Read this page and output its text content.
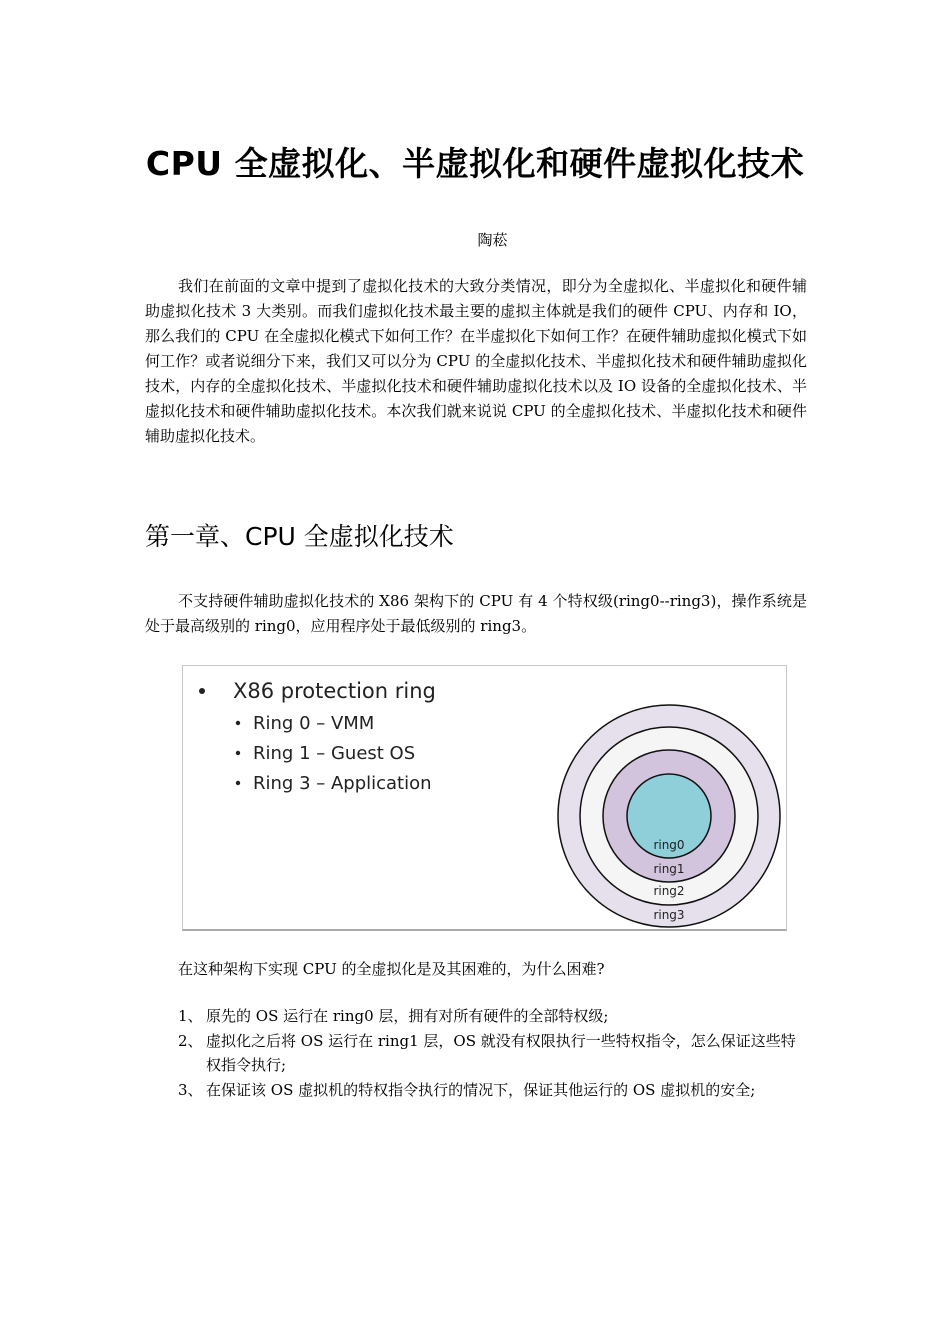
CPU 全虚拟化、半虚拟化和硬件虚拟化技术
陶菘

我们在前面的文章中提到了虚拟化技术的大致分类情况，即分为全虚拟化、半虚拟化和硬件辅助虚拟化技术 3 大类别。而我们虚拟化技术最主要的虚拟主体就是我们的硬件 CPU、内存和 IO，那么我们的 CPU 在全虚拟化模式下如何工作？在半虚拟化下如何工作？在硬件辅助虚拟化模式下如何工作？或者说细分下来，我们又可以分为 CPU 的全虚拟化技术、半虚拟化技术和硬件辅助虚拟化技术，内存的全虚拟化技术、半虚拟化技术和硬件辅助虚拟化技术以及 IO 设备的全虚拟化技术、半虚拟化技术和硬件辅助虚拟化技术。本次我们就来说说 CPU 的全虚拟化技术、半虚拟化技术和硬件辅助虚拟化技术。

第一章、CPU 全虚拟化技术

不支持硬件辅助虚拟化技术的 X86 架构下的 CPU 有 4 个特权级(ring0--ring3)，操作系统是处于最高级别的 ring0，应用程序处于最低级别的 ring3。

X86 protection ring
Ring 0 – VMM
Ring 1 – Guest OS
Ring 3 – Application
ring0
ring1
ring2
ring3

在这种架构下实现 CPU 的全虚拟化是及其困难的，为什么困难?

1、 原先的 OS 运行在 ring0 层，拥有对所有硬件的全部特权级;
2、 虚拟化之后将 OS 运行在 ring1 层，OS 就没有权限执行一些特权指令，怎么保证这些特权指令执行;
3、 在保证该 OS 虚拟机的特权指令执行的情况下，保证其他运行的 OS 虚拟机的安全;
